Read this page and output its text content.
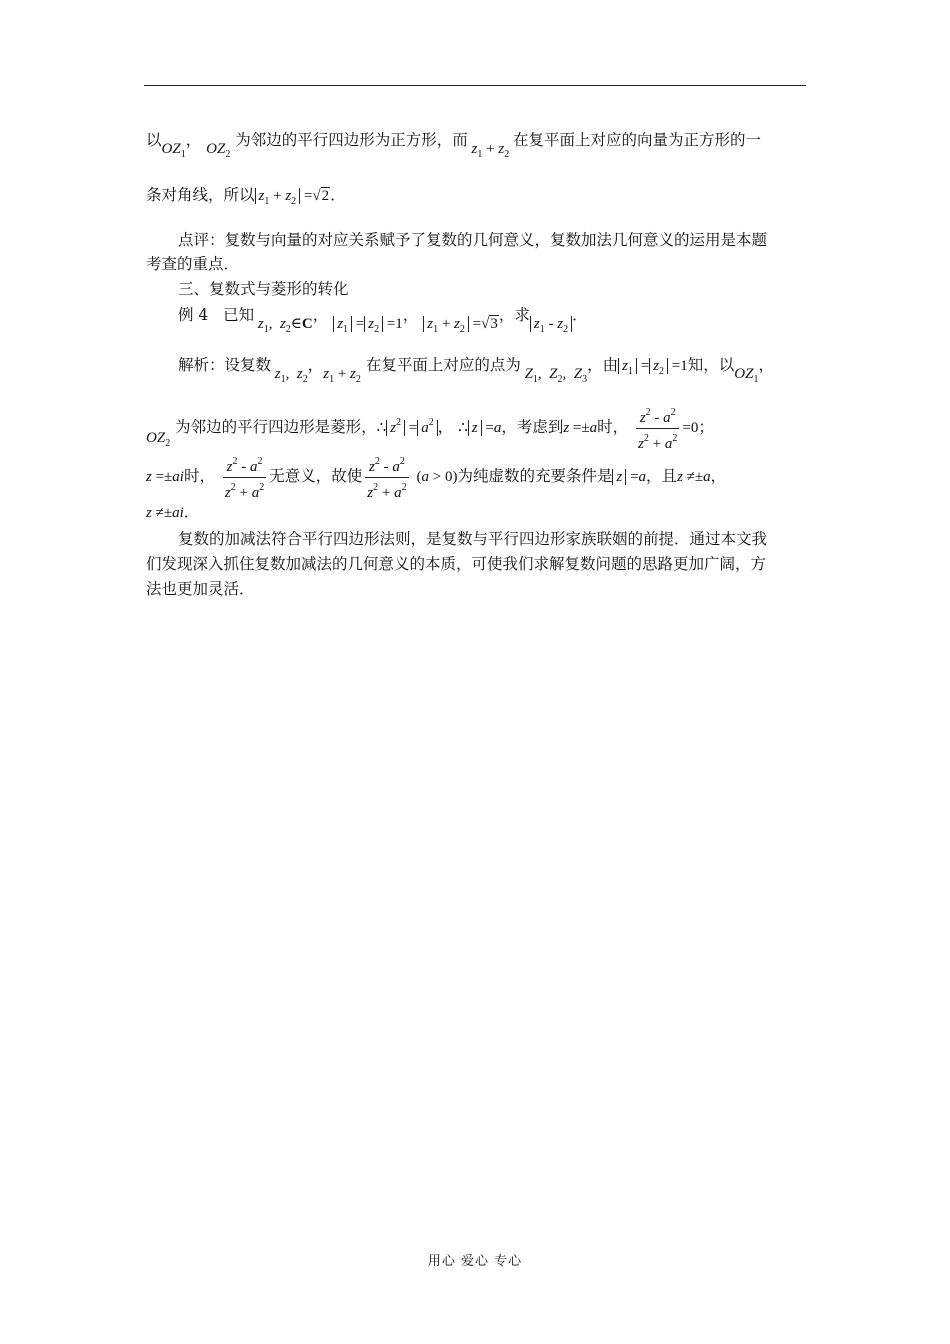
以$OZ_1$， $OZ_2$ 为邻边的平行四边形为正方形，而 $z_1 + z_2$ 在复平面上对应的向量为正方形的一
条对角线，所以 $z_1 + z_2 =√2$．
点评：复数与向量的对应关系赋予了复数的几何意义，复数加法几何意义的运用是本题
考查的重点．
三、复数式与菱形的转化
例 4 已知 $z_1$,  $z_2\in C$， $z_1 = z_2 =1$， $z_1 + z_2 =√3$，求 $z_1 - z_2$．
解析：设复数 $z_1$,  $z_2$，$z_1 + z_2$ 在复平面上对应的点为 $Z_1$,  $Z_2$,  $Z_3$，由 $z_1 = z_2 =1$知，以$OZ_1$，
$OZ_2$ 为邻边的平行四边形是菱形，∴ $z^2 = a^2$ ， ∴ z =a，考虑到z =±a时， $\frac{z^2 - a^2}{z^2 + a^2} =0$；
z =±ai时， $\frac{z^2 - a^2}{z^2 + a^2}$ 无意义，故使 $\frac{z^2 - a^2}{z^2 + a^2} (a > 0)$为纯虚数的充要条件是 z =a，且z ≠±a，
z ≠±ai．
复数的加减法符合平行四边形法则，是复数与平行四边形家族联姻的前提．通过本文我
们发现深入抓住复数加减法的几何意义的本质，可使我们求解复数问题的思路更加广阔，方
法也更加灵活．
用心 爱心 专心
